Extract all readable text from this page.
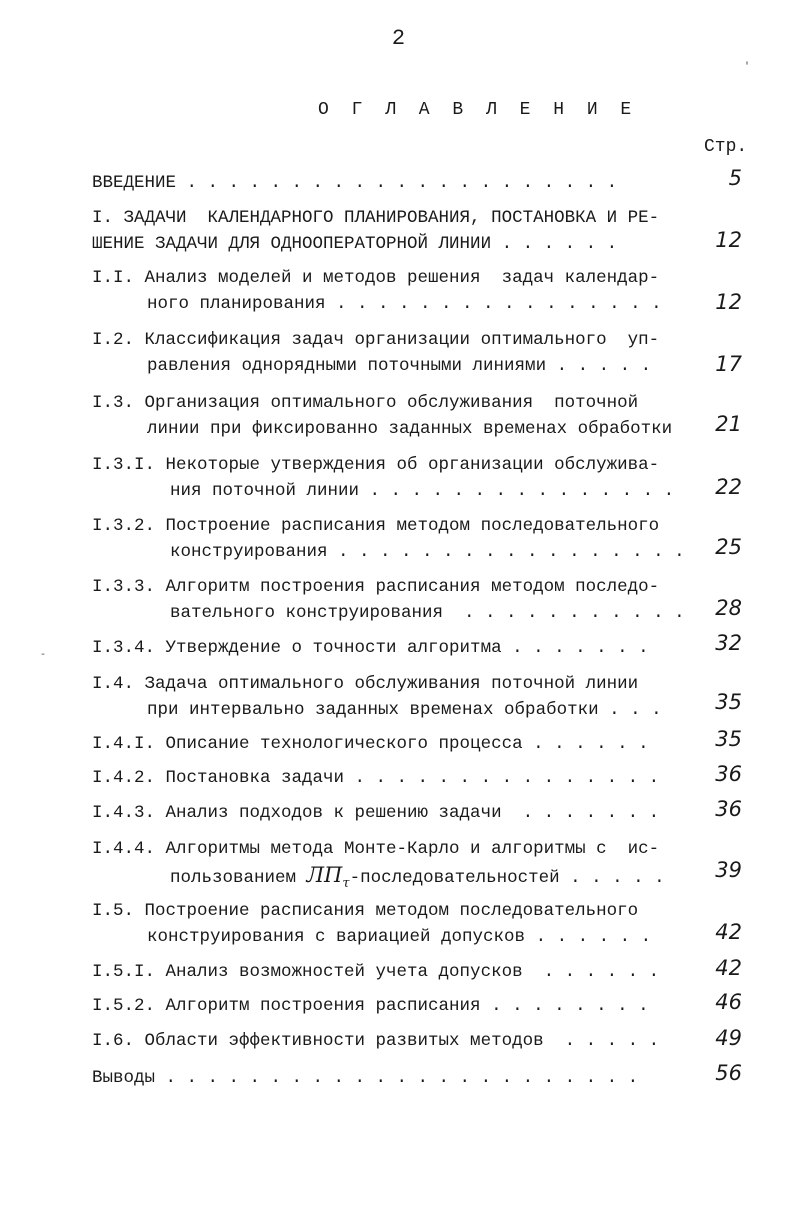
2
О Г Л А В Л Е Н И Е
Стр.
ВВЕДЕНИЕ . . . . . . . . . . . . . . . . . . . . .	5
I. ЗАДАЧИ  КАЛЕНДАРНОГО ПЛАНИРОВАНИЯ, ПОСТАНОВКА И РЕ-
ШЕНИЕ ЗАДАЧИ ДЛЯ ОДНООПЕРАТОРНОЙ ЛИНИИ . . . . . .	12
I.I. Анализ моделей и методов решения  задач календар-
ного планирования . . . . . . . . . . . . . . . .	12
I.2. Классификация задач организации оптимального  уп-
равления однорядными поточными линиями . . . . .	17
I.3. Организация оптимального обслуживания  поточной
линии при фиксированно заданных временах обработки	21
I.3.I. Некоторые утверждения об организации обслужива-
ния поточной линии . . . . . . . . . . . . . . .	22
I.3.2. Построение расписания методом последовательного
конструирования . . . . . . . . . . . . . . . . .	25
I.3.3. Алгоритм построения расписания методом последо-
вательного конструирования  . . . . . . . . . . .	28
I.3.4. Утверждение о точности алгоритма . . . . . . .	32
I.4. Задача оптимального обслуживания поточной линии
при интервально заданных временах обработки . . .	35
I.4.I. Описание технологического процесса . . . . . .	35
I.4.2. Постановка задачи . . . . . . . . . . . . . . .	36
I.4.3. Анализ подходов к решению задачи  . . . . . . .	36
I.4.4. Алгоритмы метода Монте-Карло и алгоритмы с  ис-
пользованием $ЛП_\tau$-последовательностей . . . . .	39
I.5. Построение расписания методом последовательного
конструирования с вариацией допусков . . . . . .	42
I.5.I. Анализ возможностей учета допусков  . . . . . .	42
I.5.2. Алгоритм построения расписания . . . . . . . .	46
I.6. Области эффективности развитых методов  . . . . .	49
Выводы . . . . . . . . . . . . . . . . . . . . . . .	56
'
-
